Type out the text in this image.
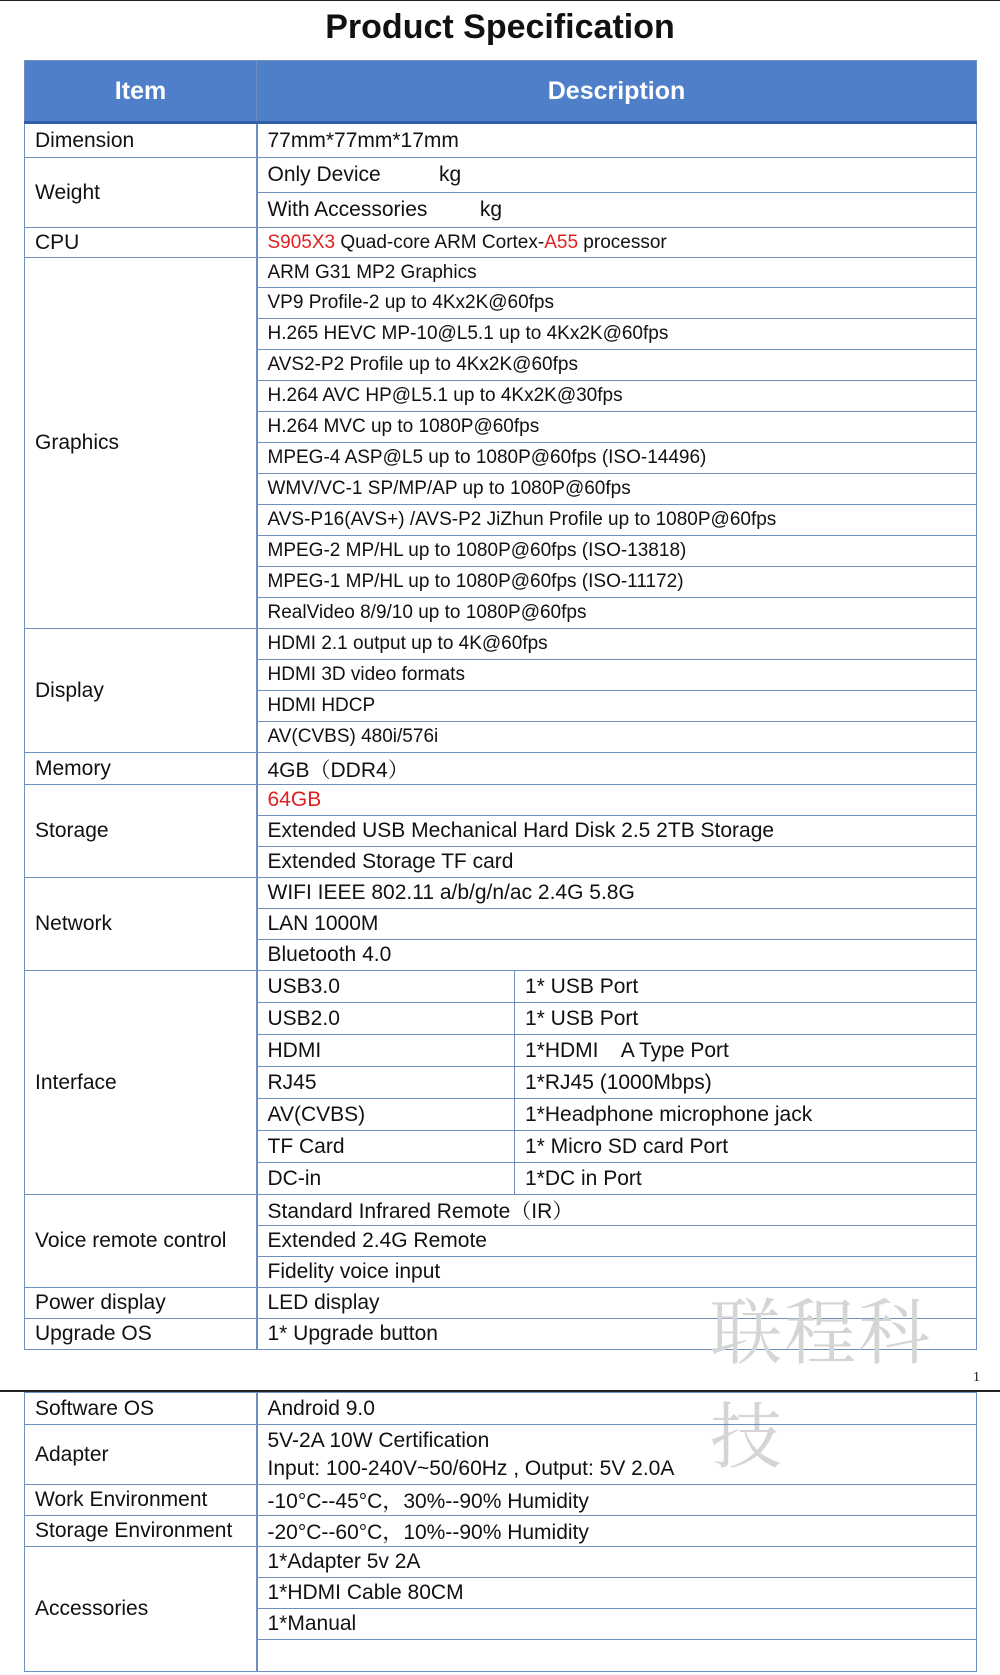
Product Specification
Item	Description	
Dimension	77mm*77mm*17mm	
Weight	Only Device          kg	
	With Accessories         kg	
CPU	S905X3 Quad-core ARM Cortex-A55 processor	
Graphics	ARM G31 MP2 Graphics	
	VP9 Profile-2 up to 4Kx2K@60fps	
	H.265 HEVC MP-10@L5.1 up to 4Kx2K@60fps	
	AVS2-P2 Profile up to 4Kx2K@60fps	
	H.264 AVC HP@L5.1 up to 4Kx2K@30fps	
	H.264 MVC up to 1080P@60fps	
	MPEG-4 ASP@L5 up to 1080P@60fps (ISO-14496)	
	WMV/VC-1 SP/MP/AP up to 1080P@60fps	
	AVS-P16(AVS+) /AVS-P2 JiZhun Profile up to 1080P@60fps	
	MPEG-2 MP/HL up to 1080P@60fps (ISO-13818)	
	MPEG-1 MP/HL up to 1080P@60fps (ISO-11172)	
	RealVideo 8/9/10 up to 1080P@60fps	
Display	HDMI 2.1 output up to 4K@60fps	
	HDMI 3D video formats	
	HDMI HDCP	
	AV(CVBS) 480i/576i	
Memory	4GB（DDR4）	
Storage	64GB	
	Extended USB Mechanical Hard Disk 2.5 2TB Storage	
	Extended Storage TF card	
Network	WIFI IEEE 802.11 a/b/g/n/ac 2.4G 5.8G	
	LAN 1000M	
	Bluetooth 4.0	
Interface	USB3.0	1* USB Port
	USB2.0	1* USB Port
	HDMI	1*HDMI    A Type Port
	RJ45	1*RJ45 (1000Mbps)
	AV(CVBS)	1*Headphone microphone jack
	TF Card	1* Micro SD card Port
	DC-in	1*DC in Port
Voice remote control	Standard Infrared Remote（IR）	
	Extended 2.4G Remote	
	Fidelity voice input	
Power display	LED display	
Upgrade OS	1* Upgrade button		联程科技
1
Software OS	Android 9.0
Adapter	5V-2A 10W Certification
Input: 100-240V~50/60Hz , Output: 5V 2.0A

Work Environment	-10°C--45°C，30%--90% Humidity
Storage Environment	-20°C--60°C，10%--90% Humidity
Accessories	1*Adapter 5v 2A
	1*HDMI Cable 80CM
	1*Manual
